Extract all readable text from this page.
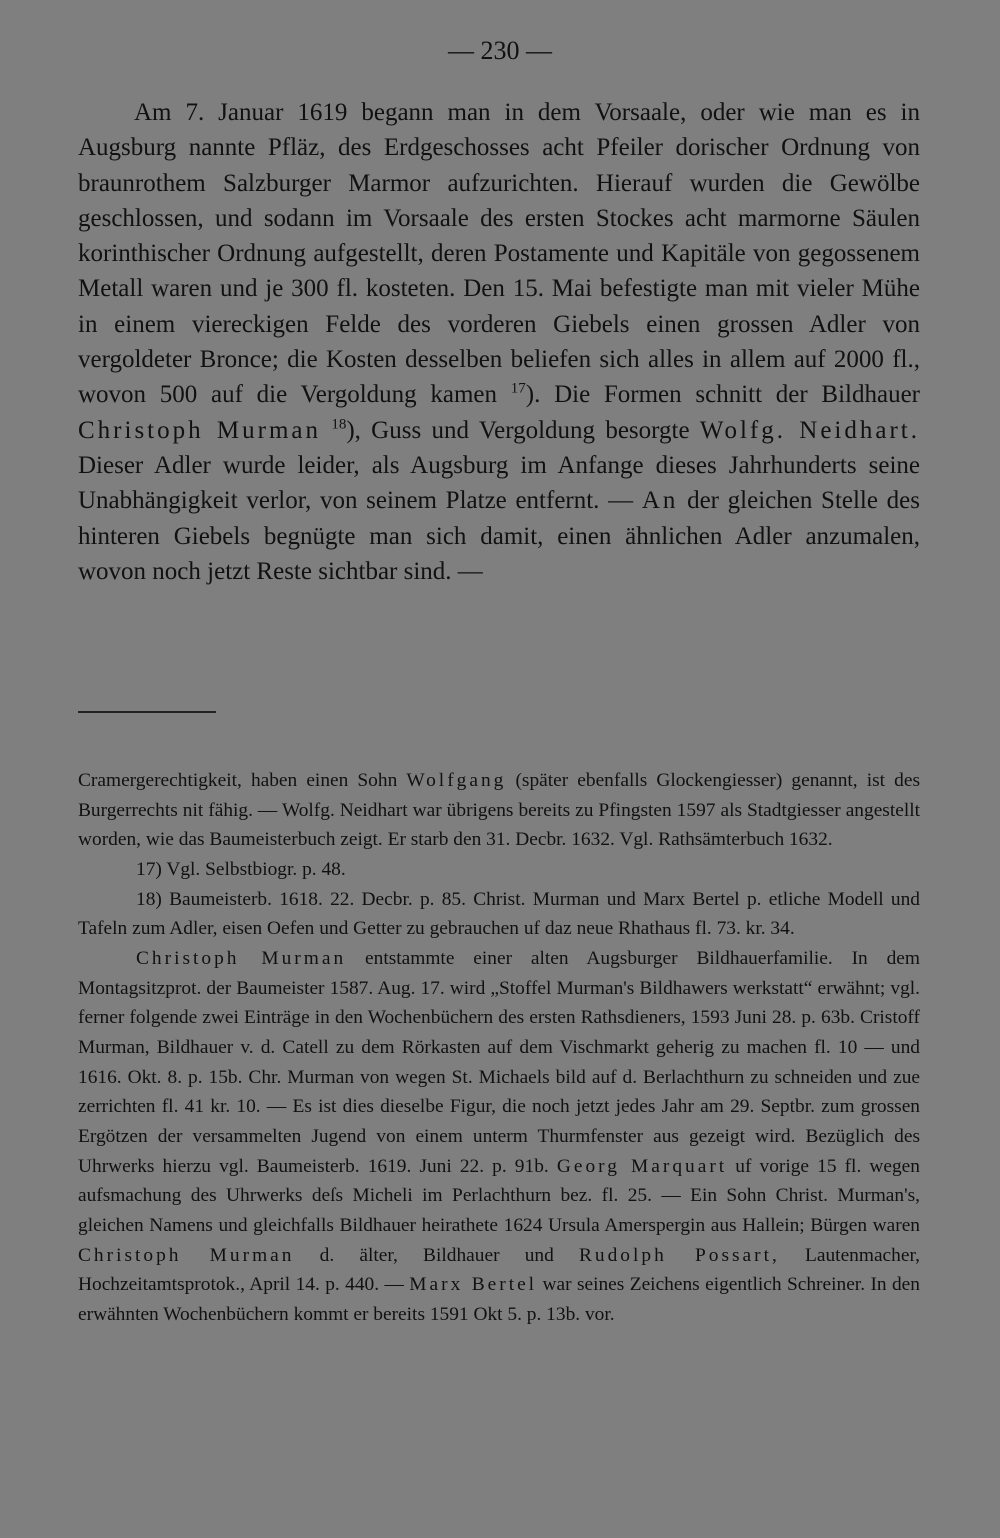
— 230 —

Am 7. Januar 1619 begann man in dem Vorsaale, oder wie man es in Augsburg nannte Pfläz, des Erdgeschosses acht Pfeiler dorischer Ordnung von braunrothem Salzburger Marmor aufzurichten. Hierauf wurden die Gewölbe geschlossen, und sodann im Vorsaale des ersten Stockes acht marmorne Säulen korinthischer Ordnung aufgestellt, deren Postamente und Kapitäle von gegossenem Metall waren und je 300 fl. kosteten. Den 15. Mai befestigte man mit vieler Mühe in einem viereckigen Felde des vorderen Giebels einen grossen Adler von vergoldeter Bronce; die Kosten desselben beliefen sich alles in allem auf 2000 fl., wovon 500 auf die Vergoldung kamen $^{17}$). Die Formen schnitt der Bildhauer Christoph Murman $^{18}$), Guss und Vergoldung besorgte Wolfg. Neidhart. Dieser Adler wurde leider, als Augsburg im Anfange dieses Jahrhunderts seine Unabhängigkeit verlor, von seinem Platze entfernt. — An der gleichen Stelle des hinteren Giebels begnügte man sich damit, einen ähnlichen Adler anzumalen, wovon noch jetzt Reste sichtbar sind. —

Cramergerechtigkeit, haben einen Sohn Wolfgang (später ebenfalls Glockengiesser) genannt, ist des Burgerrechts nit fähig. — Wolfg. Neidhart war übrigens bereits zu Pfingsten 1597 als Stadtgiesser angestellt worden, wie das Baumeisterbuch zeigt. Er starb den 31. Decbr. 1632. Vgl. Rathsämterbuch 1632.

17) Vgl. Selbstbiogr. p. 48.

18) Baumeisterb. 1618. 22. Decbr. p. 85. Christ. Murman und Marx Bertel p. etliche Modell und Tafeln zum Adler, eisen Oefen und Getter zu gebrauchen uf daz neue Rhathaus fl. 73. kr. 34.

Christoph Murman entstammte einer alten Augsburger Bildhauerfamilie. In dem Montagsitzprot. der Baumeister 1587. Aug. 17. wird „Stoffel Murman's Bildhawers werkstatt“ erwähnt; vgl. ferner folgende zwei Einträge in den Wochenbüchern des ersten Rathsdieners, 1593 Juni 28. p. 63b. Cristoff Murman, Bildhauer v. d. Catell zu dem Rörkasten auf dem Vischmarkt geherig zu machen fl. 10 — und 1616. Okt. 8. p. 15b. Chr. Murman von wegen St. Michaels bild auf d. Berlachthurn zu schneiden und zue zerrichten fl. 41 kr. 10. — Es ist dies dieselbe Figur, die noch jetzt jedes Jahr am 29. Septbr. zum grossen Ergötzen der versammelten Jugend von einem unterm Thurmfenster aus gezeigt wird. Bezüglich des Uhrwerks hierzu vgl. Baumeisterb. 1619. Juni 22. p. 91b. Georg Marquart uf vorige 15 fl. wegen aufsmachung des Uhrwerks deſs Micheli im Perlachthurn bez. fl. 25. — Ein Sohn Christ. Murman's, gleichen Namens und gleichfalls Bildhauer heirathete 1624 Ursula Amerspergin aus Hallein; Bürgen waren Christoph Murman d. älter, Bildhauer und Rudolph Possart, Lautenmacher, Hochzeitamtsprotok., April 14. p. 440. — Marx Bertel war seines Zeichens eigentlich Schreiner. In den erwähnten Wochenbüchern kommt er bereits 1591 Okt 5. p. 13b. vor.
